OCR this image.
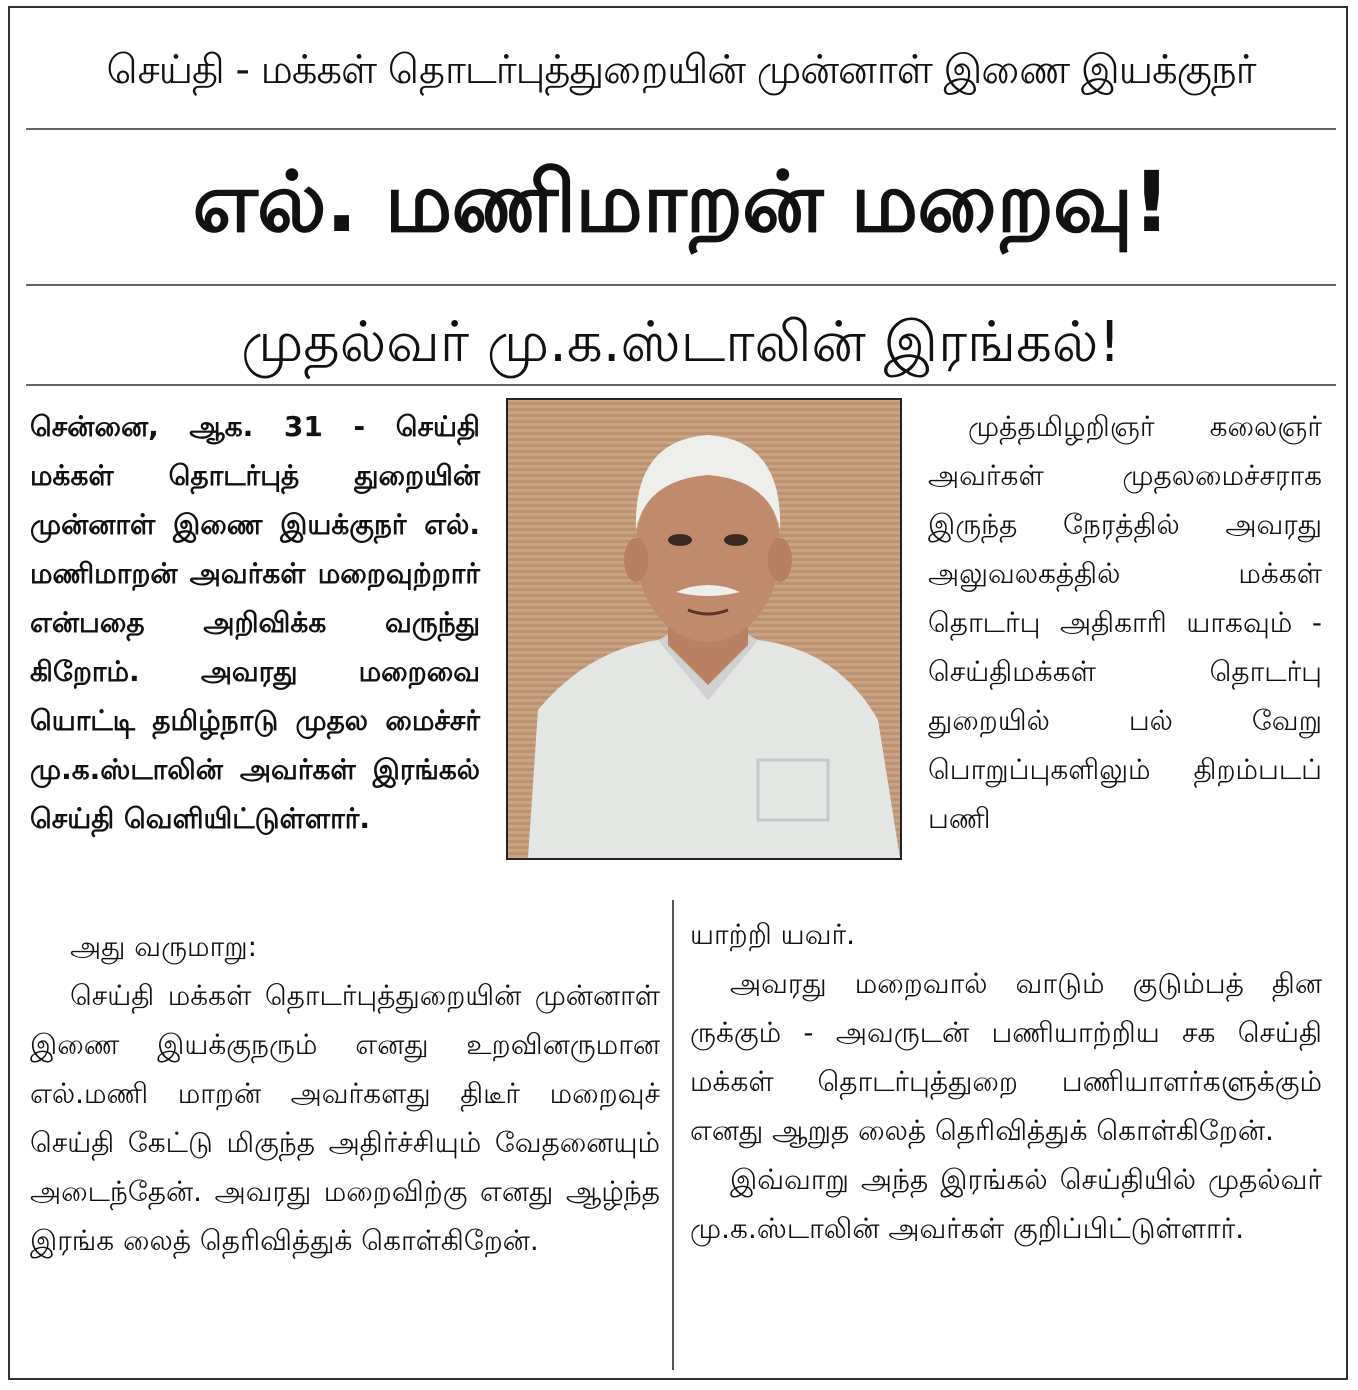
செய்தி - மக்கள் தொடர்புத்துறையின் முன்னாள் இணை இயக்குநர்
எல். மணிமாறன் மறைவு!
முதல்வர் மு.க.ஸ்டாலின் இரங்கல்!

சென்னை, ஆக. 31 - செய்தி மக்கள் தொடர்புத் துறையின் முன்னாள் இணை இயக்குநர் எல். மணிமாறன் அவர்கள் மறைவுற்றார் என்பதை அறிவிக்க வருந்து கிறோம். அவரது மறைவை யொட்டி தமிழ்நாடு முதல மைச்சர் மு.க.ஸ்டாலின் அவர்கள் இரங்கல் செய்தி வெளியிட்டுள்ளார்.

முத்தமிழறிஞர் கலைஞர் அவர்கள் முதலமைச்சராக இருந்த நேரத்தில் அவரது அலுவலகத்தில் மக்கள் தொடர்பு அதிகாரி யாகவும் - செய்திமக்கள் தொடர்பு துறையில் பல் வேறு பொறுப்புகளிலும் திறம்படப் பணி

அது வருமாறு:

செய்தி மக்கள் தொடர்புத்துறையின் முன்னாள் இணை இயக்குநரும் எனது உறவினருமான எல்.மணி மாறன் அவர்களது திடீர் மறைவுச் செய்தி கேட்டு மிகுந்த அதிர்ச்சியும் வேதனையும் அடைந்தேன். அவரது மறைவிற்கு எனது ஆழ்ந்த இரங்க லைத் தெரிவித்துக் கொள்கிறேன்.

யாற்றி யவர்.

அவரது மறைவால் வாடும் குடும்பத் தின ருக்கும் - அவருடன் பணியாற்றிய சக செய்தி மக்கள் தொடர்புத்துறை பணியாளர்களுக்கும் எனது ஆறுத லைத் தெரிவித்துக் கொள்கிறேன்.

இவ்வாறு அந்த இரங்கல் செய்தியில் முதல்வர் மு.க.ஸ்டாலின் அவர்கள் குறிப்பிட்டுள்ளார்.
